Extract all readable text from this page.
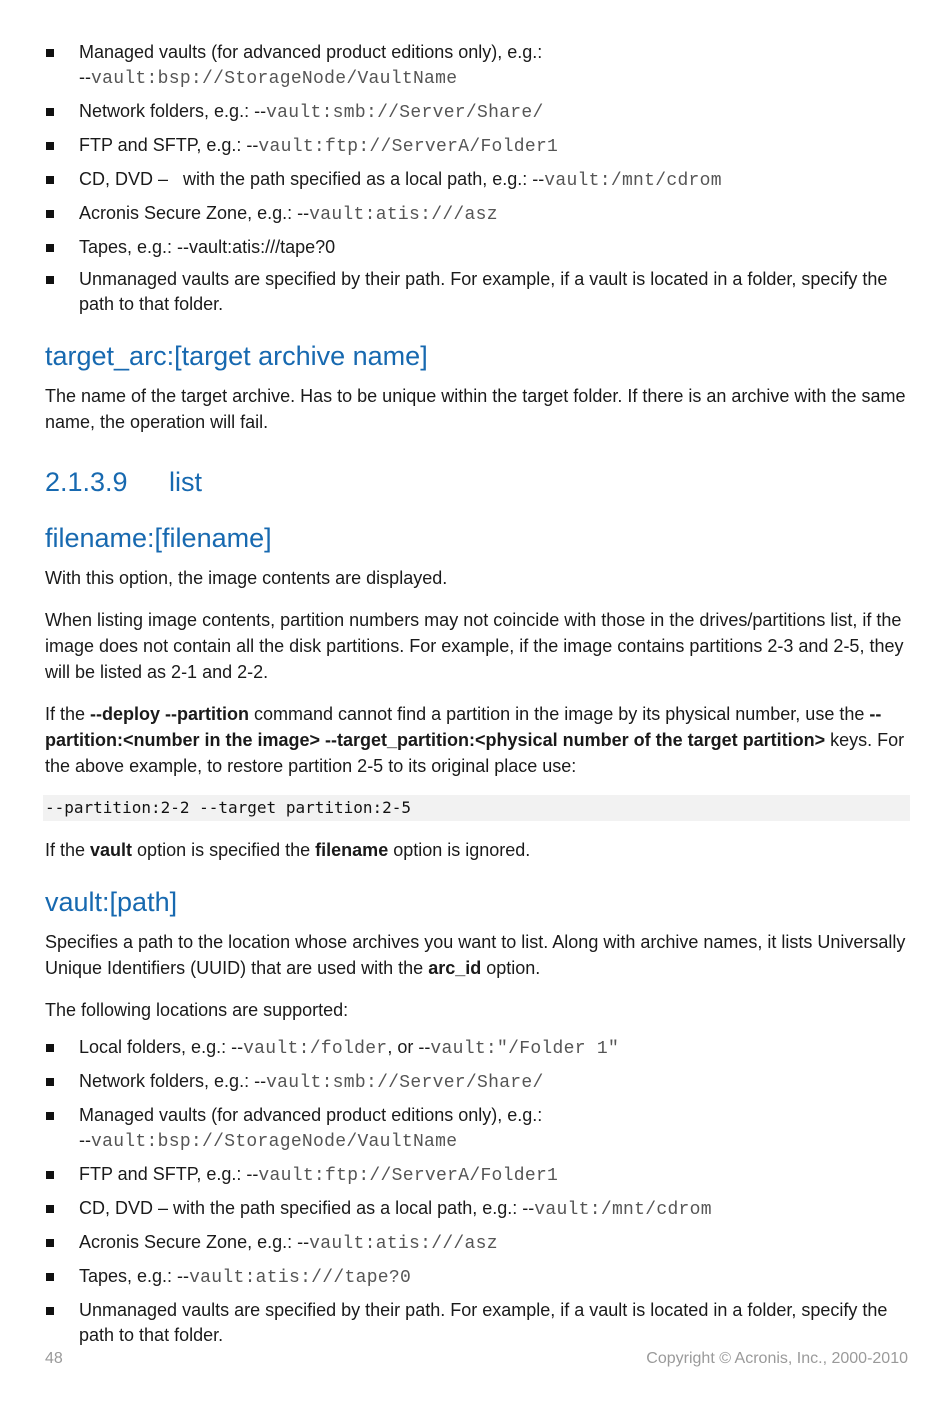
Managed vaults (for advanced product editions only), e.g.:
--vault:bsp://StorageNode/VaultName
Network folders, e.g.: --vault:smb://Server/Share/
FTP and SFTP, e.g.: --vault:ftp://ServerA/Folder1
CD, DVD –   with the path specified as a local path, e.g.: --vault:/mnt/cdrom
Acronis Secure Zone, e.g.: --vault:atis:///asz
Tapes, e.g.: --vault:atis:///tape?0
Unmanaged vaults are specified by their path. For example, if a vault is located in a folder, specify the path to that folder.
target_arc:[target archive name]

The name of the target archive. Has to be unique within the target folder. If there is an archive with the same name, the operation will fail.

2.1.3.9 list
filename:[filename]

With this option, the image contents are displayed.

When listing image contents, partition numbers may not coincide with those in the drives/partitions list, if the image does not contain all the disk partitions. For example, if the image contains partitions 2-3 and 2-5, they will be listed as 2-1 and 2-2.

If the --deploy --partition command cannot find a partition in the image by its physical number, use the --partition:<number in the image> --target_partition:<physical number of the target partition> keys. For the above example, to restore partition 2-5 to its original place use:

--partition:2-2 --target partition:2-5

If the vault option is specified the filename option is ignored.

vault:[path]

Specifies a path to the location whose archives you want to list. Along with archive names, it lists Universally Unique Identifiers (UUID) that are used with the arc_id option.

The following locations are supported:

Local folders, e.g.: --vault:/folder, or --vault:"/Folder 1"
Network folders, e.g.: --vault:smb://Server/Share/
Managed vaults (for advanced product editions only), e.g.:
--vault:bsp://StorageNode/VaultName
FTP and SFTP, e.g.: --vault:ftp://ServerA/Folder1
CD, DVD – with the path specified as a local path, e.g.: --vault:/mnt/cdrom
Acronis Secure Zone, e.g.: --vault:atis:///asz
Tapes, e.g.: --vault:atis:///tape?0
Unmanaged vaults are specified by their path. For example, if a vault is located in a folder, specify the path to that folder.
48	Copyright © Acronis, Inc., 2000-2010
